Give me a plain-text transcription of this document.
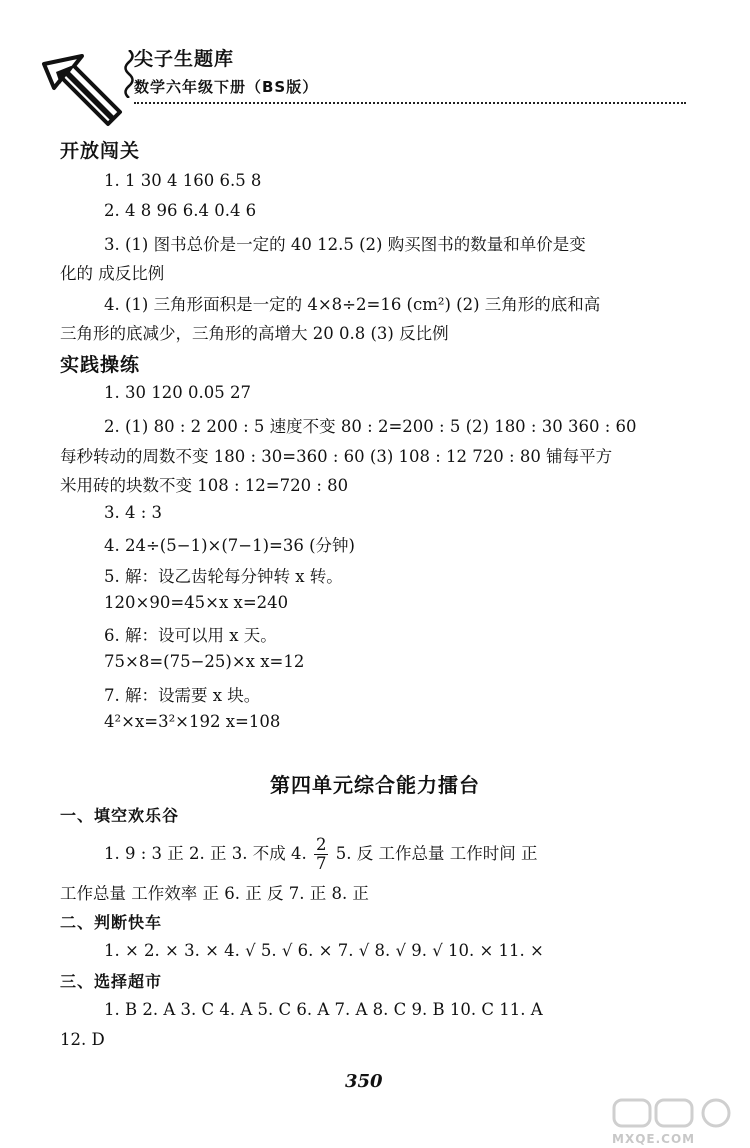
尖子生题库
数学六年级下册（BS版）
开放闯关
1. 1 30 4 160 6.5 8
2. 4 8 96 6.4 0.4 6
3. (1) 图书总价是一定的 40 12.5 (2) 购买图书的数量和单价是变
化的 成反比例
4. (1) 三角形面积是一定的 4×8÷2=16 (cm²) (2) 三角形的底和高
三角形的底减少，三角形的高增大 20 0.8 (3) 反比例
实践操练
1. 30 120 0.05 27
2. (1) 80 : 2 200 : 5 速度不变 80 : 2=200 : 5 (2) 180 : 30 360 : 60
每秒转动的周数不变 180 : 30=360 : 60 (3) 108 : 12 720 : 80 铺每平方
米用砖的块数不变 108 : 12=720 : 80
3. 4 : 3
4. 24÷(5−1)×(7−1)=36 (分钟)
5. 解：设乙齿轮每分钟转 x 转。
120×90=45×x x=240
6. 解：设可以用 x 天。
75×8=(75−25)×x x=12
7. 解：设需要 x 块。
4²×x=3²×192 x=108
第四单元综合能力擂台
一、填空欢乐谷
1. 9 : 3 正 2. 正 3. 不成 4. $\frac{2}{7} 5$. 反 工作总量 工作时间 正
工作总量 工作效率 正 6. 正 反 7. 正 8. 正
二、判断快车
1. × 2. × 3. × 4. √ 5. √ 6. × 7. √ 8. √ 9. √ 10. × 11. ×
三、选择超市
1. B 2. A 3. C 4. A 5. C 6. A 7. A 8. C 9. B 10. C 11. A
12. D
350
MXQE.COM
